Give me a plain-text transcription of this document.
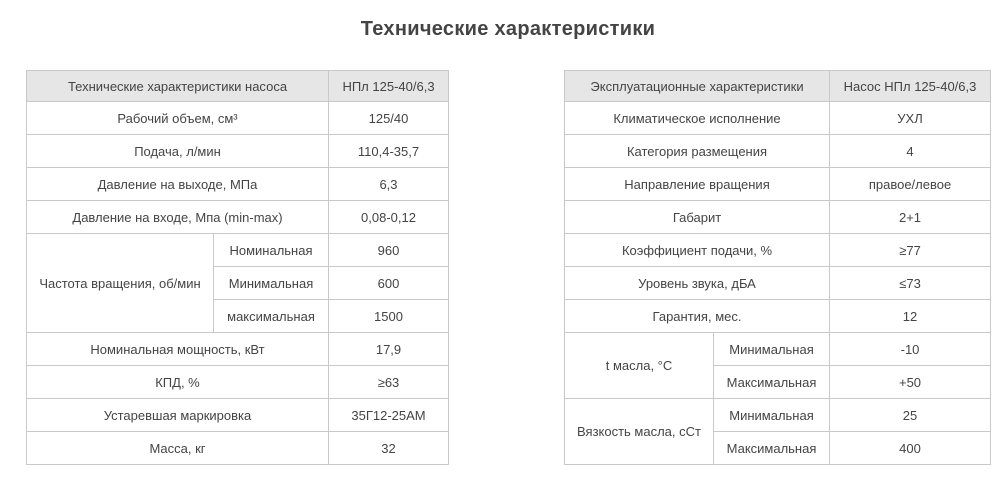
Технические характеристики
Технические характеристики насоса		НПл 125-40/6,3
Рабочий объем, см³		125/40
Подача, л/мин		110,4-35,7
Давление на выходе, МПа		6,3
Давление на входе, Мпа (min-max)		0,08-0,12
Частота вращения, об/мин	Номинальная	960
	Минимальная	600
	максимальная	1500
Номинальная мощность, кВт		17,9
КПД, %		≥63
Устаревшая маркировка		35Г12-25АМ
Масса, кг		32
Эксплуатационные характеристики		Насос НПл 125-40/6,3
Климатическое исполнение		УХЛ
Категория размещения		4
Направление вращения		правое/левое
Габарит		2+1
Коэффициент подачи, %		≥77
Уровень звука, дБА		≤73
Гарантия, мес.		12
t масла, °С	Минимальная	-10
	Максимальная	+50
Вязкость масла, сСт	Минимальная	25
	Максимальная	400
